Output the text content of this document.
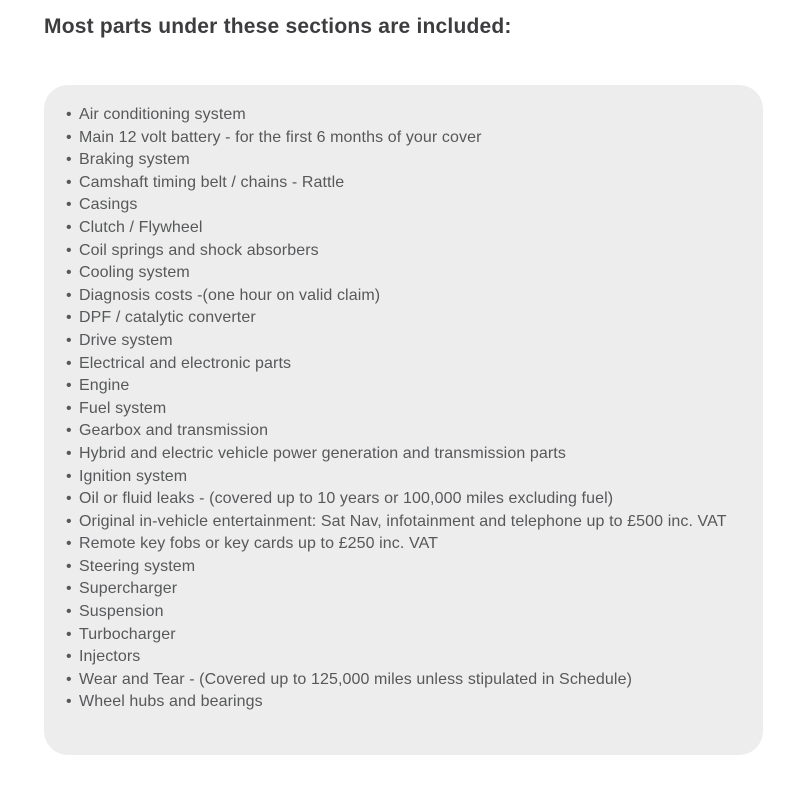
Most parts under these sections are included:
• Air conditioning system
• Main 12 volt battery - for the first 6 months of your cover
• Braking system
• Camshaft timing belt / chains - Rattle
• Casings
• Clutch / Flywheel
• Coil springs and shock absorbers
• Cooling system
• Diagnosis costs -(one hour on valid claim)
• DPF / catalytic converter
• Drive system
• Electrical and electronic parts
• Engine
• Fuel system
• Gearbox and transmission
• Hybrid and electric vehicle power generation and transmission parts
• Ignition system
• Oil or fluid leaks - (covered up to 10 years or 100,000 miles excluding fuel)
• Original in-vehicle entertainment: Sat Nav, infotainment and telephone up to £500 inc. VAT
• Remote key fobs or key cards up to £250 inc. VAT
• Steering system
• Supercharger
• Suspension
• Turbocharger
• Injectors
• Wear and Tear - (Covered up to 125,000 miles unless stipulated in Schedule)
• Wheel hubs and bearings
